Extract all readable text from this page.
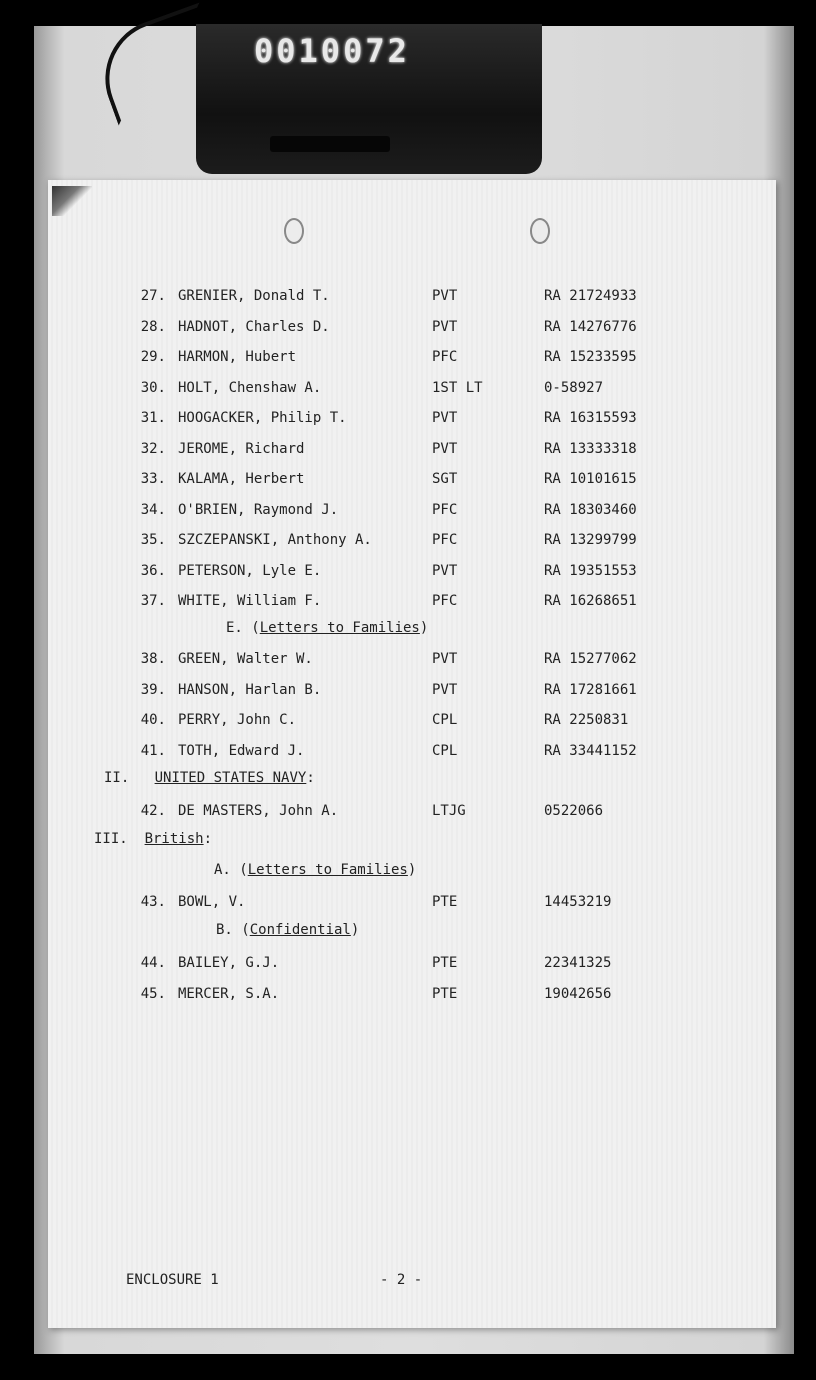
0010072
27. GRENIER, Donald T.	PVT	RA 21724933
28. HADNOT, Charles D.	PVT	RA 14276776
29. HARMON, Hubert	PFC	RA 15233595
30. HOLT, Chenshaw A.	1ST LT	0-58927
31. HOOGACKER, Philip T.	PVT	RA 16315593
32. JEROME, Richard	PVT	RA 13333318
33. KALAMA, Herbert	SGT	RA 10101615
34. O'BRIEN, Raymond J.	PFC	RA 18303460
35. SZCZEPANSKI, Anthony A.	PFC	RA 13299799
36. PETERSON, Lyle E.	PVT	RA 19351553
37. WHITE, William F.	PFC	RA 16268651
E. (Letters to Families)
38. GREEN, Walter W.	PVT	RA 15277062
39. HANSON, Harlan B.	PVT	RA 17281661
40. PERRY, John C.	CPL	RA 2250831
41. TOTH, Edward J.	CPL	RA 33441152
II. UNITED STATES NAVY:
42. DE MASTERS, John A.	LTJG	0522066
III. British:
A. (Letters to Families)
43. BOWL, V.	PTE	14453219
B. (Confidential)
44. BAILEY, G.J.	PTE	22341325
45. MERCER, S.A.	PTE	19042656
ENCLOSURE 1	- 2 -
